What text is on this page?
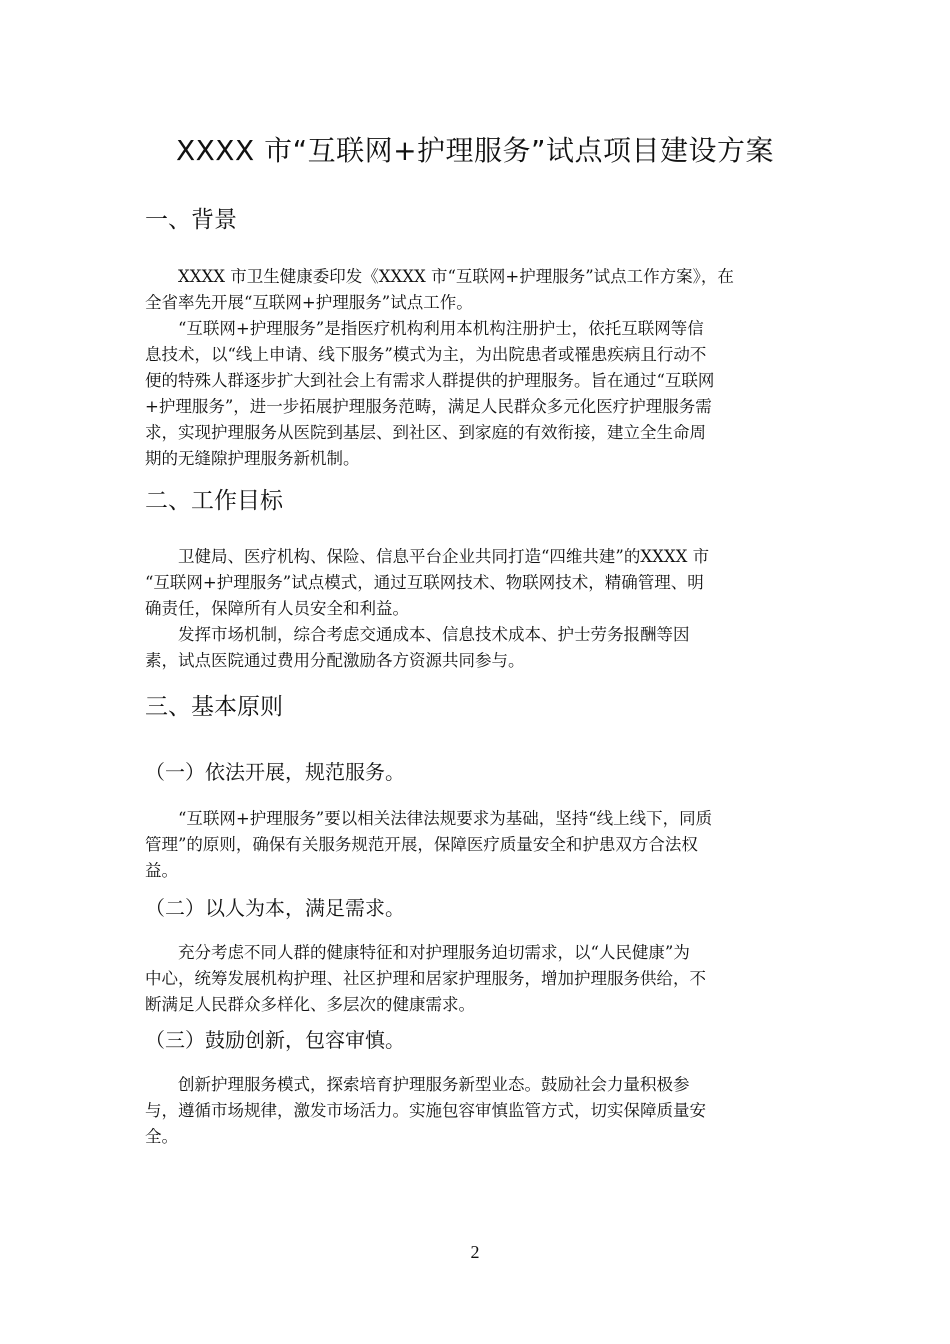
XXXX 市“互联网+护理服务”试点项目建设方案
一、背景
XXXX 市卫生健康委印发《XXXX 市“互联网+护理服务”试点工作方案》，在
全省率先开展“互联网+护理服务”试点工作。
“互联网+护理服务”是指医疗机构利用本机构注册护士，依托互联网等信
息技术，以“线上申请、线下服务”模式为主，为出院患者或罹患疾病且行动不
便的特殊人群逐步扩大到社会上有需求人群提供的护理服务。旨在通过“互联网
+护理服务”，进一步拓展护理服务范畴，满足人民群众多元化医疗护理服务需
求，实现护理服务从医院到基层、到社区、到家庭的有效衔接，建立全生命周
期的无缝隙护理服务新机制。
二、工作目标
卫健局、医疗机构、保险、信息平台企业共同打造“四维共建”的XXXX 市
“互联网+护理服务”试点模式，通过互联网技术、物联网技术，精确管理、明
确责任，保障所有人员安全和利益。
发挥市场机制，综合考虑交通成本、信息技术成本、护士劳务报酬等因
素，试点医院通过费用分配激励各方资源共同参与。
三、基本原则
（一）依法开展，规范服务。
“互联网+护理服务”要以相关法律法规要求为基础，坚持“线上线下，同质
管理”的原则，确保有关服务规范开展，保障医疗质量安全和护患双方合法权
益。
（二）以人为本，满足需求。
充分考虑不同人群的健康特征和对护理服务迫切需求，以“人民健康”为
中心，统筹发展机构护理、社区护理和居家护理服务，增加护理服务供给，不
断满足人民群众多样化、多层次的健康需求。
（三）鼓励创新，包容审慎。
创新护理服务模式，探索培育护理服务新型业态。鼓励社会力量积极参
与，遵循市场规律，激发市场活力。实施包容审慎监管方式，切实保障质量安
全。
2
